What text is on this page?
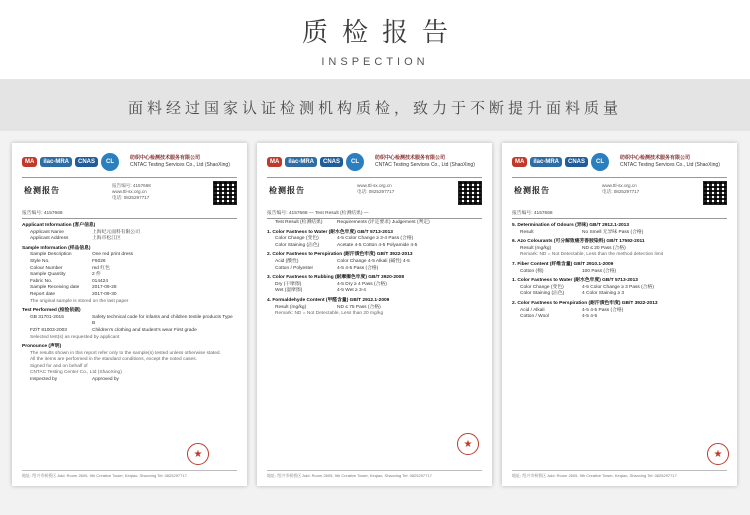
质检报告
INSPECTION
面料经过国家认证检测机构质检，致力于不断提升面料质量
MA	ilac-MRA	CNAS	CL
纺织中心检测技术服务有限公司
CNTAC Testing Services Co., Ltd (ShaoXing)
检测报告
报告编号: 4157668
www.ttl-sx.org.cn
电话: 0825297717
报告编号: 4157668
Applicant Information (客户信息)
Applicant Name	上海纪元面料有限公司
Applicant Address	上海市松江区
Sample Information (样品信息)
Sample Description	One red print dress
Style No.	F6026
Colour Number	red 红色
Sample Quantity	2 件
Fabric No.	014424
Sample Receiving date	2017-09-28
Report date	2017-09-30
The original sample is stored on the last paper
Test Performed (检验依据)
GB 31701-2015	Safety technical code for infants and children textile products Type B
FZ/T 81003-2003	Children's clothing and student's wear First grade
Selected test(s) as requested by applicant
Pronounce (声明)
The results shown in this report refer only to the sample(s) tested unless otherwise stated.
All the items are performed in the standard conditions, except the noted cases.
Signed for and on behalf of
CNTAC Testing Center Co., Ltd (ShaoXing)
Inspected by	Approved by
★
地址: 绍兴市柯桥区 Add: Room 2605, 9th Creative Tower, Keqiao, Shaoxing Tel: 0825297717
MA	ilac-MRA	CNAS	CL
纺织中心检测技术服务有限公司
CNTAC Testing Services Co., Ltd (ShaoXing)
检测报告
www.ttl-sx.org.cn
电话: 0825297717
报告编号: 4157668 — Test Result (检测结果) —
Test Result (检测结果)	Requirements (评定要求) Judgement (判定)
1. Color Fastness to Water (耐水色牢度) GB/T 5713-2013
Color Change (变色)	4-5 Color Change ≥ 3-4 Pass (合格)
Color Staining (沾色)	Acetate 4-5 Cotton 4-5 Polyamide 4-5
2. Color Fastness to Perspiration (耐汗渍色牢度) GB/T 3922-2013
Acid (酸性)	Color Change 4-5 Alkali (碱性) 4-5
Cotton / Polyester	4-5 4-5 Pass (合格)
3. Color Fastness to Rubbing (耐摩擦色牢度) GB/T 3920-2008
Dry (干摩擦)	4-5 Dry ≥ 4 Pass (合格)
Wet (湿摩擦)	4-5 Wet ≥ 3-4
4. Formaldehyde Content (甲醛含量) GB/T 2912.1-2009
Result (mg/kg)	ND ≤ 75 Pass (合格)
Remark: ND = Not Detectable, Less than 20 mg/kg
★
地址: 绍兴市柯桥区 Add: Room 2605, 9th Creative Tower, Keqiao, Shaoxing Tel: 0825297717
MA	ilac-MRA	CNAS	CL
纺织中心检测技术服务有限公司
CNTAC Testing Services Co., Ltd (ShaoXing)
检测报告
www.ttl-sx.org.cn
电话: 0825297717
报告编号: 4157668
5. Determination of Odours (异味) GB/T 2912.1-2013
Result	No Smell 无异味 Pass (合格)
6. Azo Colourants (可分解致癌芳香胺染料) GB/T 17592-2011
Result (mg/kg)	ND ≤ 20 Pass (合格)
Remark: ND = Not Detectable, Less than the method detection limit
7. Fiber Content (纤维含量) GB/T 2910.1-2009
Cotton (棉)	100 Pass (合格)
1. Color Fastness to Water (耐水色牢度) GB/T 5713-2013
Color Change (变色)	4-5 Color Change ≥ 3 Pass (合格)
Color Staining (沾色)	4 Color Staining ≥ 3
2. Color Fastness to Perspiration (耐汗渍色牢度) GB/T 3922-2013
Acid / Alkali	4-5 4-5 Pass (合格)
Cotton / Wool	4-5 4-5
★
地址: 绍兴市柯桥区 Add: Room 2605, 9th Creative Tower, Keqiao, Shaoxing Tel: 0825297717
